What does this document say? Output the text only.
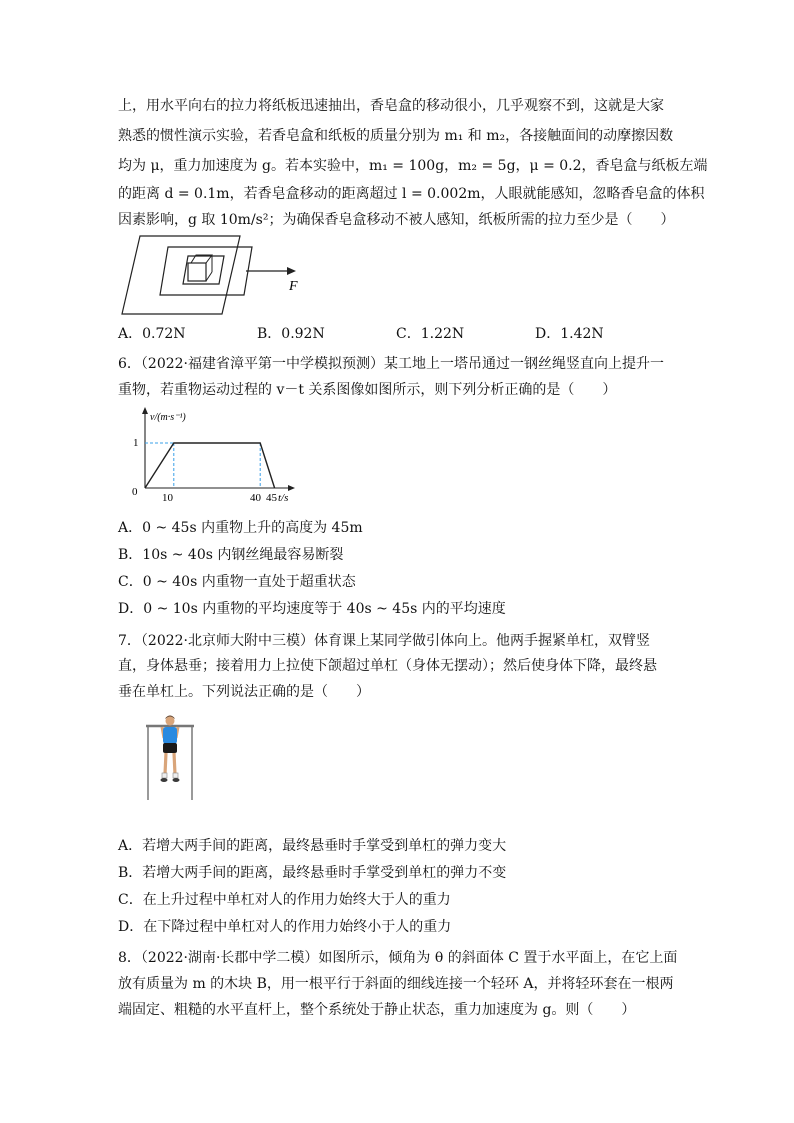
上，用水平向右的拉力将纸板迅速抽出，香皂盒的移动很小，几乎观察不到，这就是大家
熟悉的惯性演示实验，若香皂盒和纸板的质量分别为 m₁ 和 m₂，各接触面间的动摩擦因数
均为 μ，重力加速度为 g。若本实验中，m₁ = 100g，m₂ = 5g，μ = 0.2，香皂盒与纸板左端
的距离 d = 0.1m，若香皂盒移动的距离超过 l = 0.002m，人眼就能感知，忽略香皂盒的体积
因素影响，g 取 10m/s²；为确保香皂盒移动不被人感知，纸板所需的拉力至少是（　　）
F
A．0.72N	B．0.92N	C．1.22N	D．1.42N
6．（2022·福建省漳平第一中学模拟预测）某工地上一塔吊通过一钢丝绳竖直向上提升一
重物，若重物运动过程的 v－t 关系图像如图所示，则下列分析正确的是（　　）
v/(m·s⁻¹)
t/s
0
1
10	40 45
A．0 ~ 45s 内重物上升的高度为 45m
B．10s ~ 40s 内钢丝绳最容易断裂
C．0 ~ 40s 内重物一直处于超重状态
D．0 ~ 10s 内重物的平均速度等于 40s ~ 45s 内的平均速度
7．（2022·北京师大附中三模）体育课上某同学做引体向上。他两手握紧单杠，双臂竖
直，身体悬垂；接着用力上拉使下颌超过单杠（身体无摆动）；然后使身体下降，最终悬
垂在单杠上。下列说法正确的是（　　）
A．若增大两手间的距离，最终悬垂时手掌受到单杠的弹力变大
B．若增大两手间的距离，最终悬垂时手掌受到单杠的弹力不变
C．在上升过程中单杠对人的作用力始终大于人的重力
D．在下降过程中单杠对人的作用力始终小于人的重力
8．（2022·湖南·长郡中学二模）如图所示，倾角为 θ 的斜面体 C 置于水平面上，在它上面
放有质量为 m 的木块 B，用一根平行于斜面的细线连接一个轻环 A，并将轻环套在一根两
端固定、粗糙的水平直杆上，整个系统处于静止状态，重力加速度为 g。则（　　）
